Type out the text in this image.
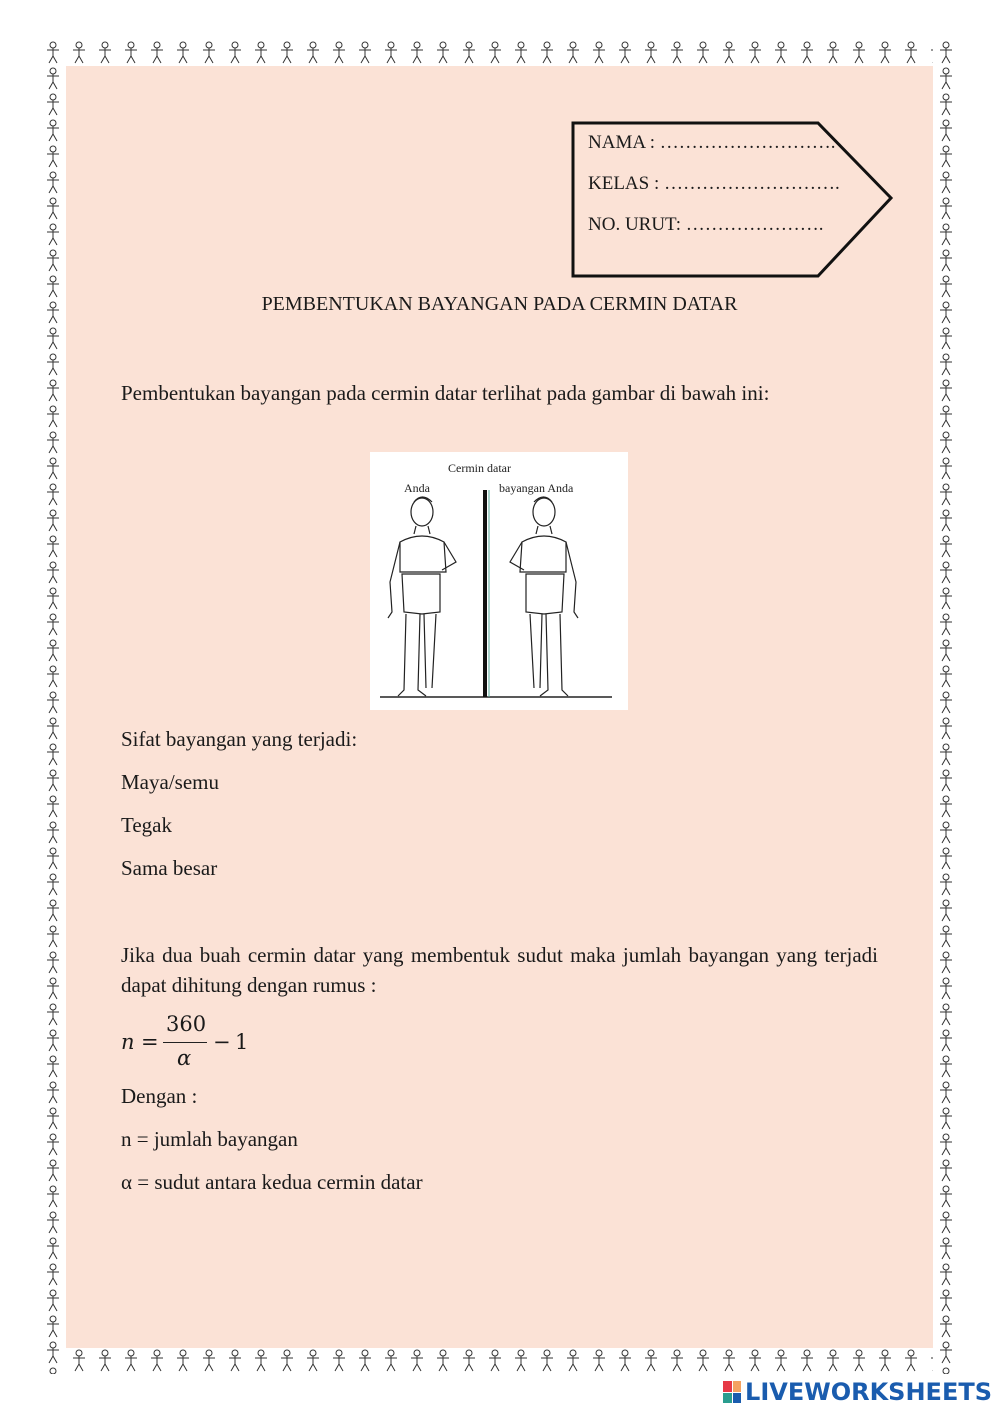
NAMA : ……………………….
KELAS : ……………………….
NO. URUT: ………………….
PEMBENTUKAN BAYANGAN PADA CERMIN DATAR
Pembentukan bayangan pada cermin datar terlihat pada gambar di bawah ini:
Cermin datar
Anda	bayangan Anda
Sifat bayangan yang terjadi:
Maya/semu
Tegak
Sama besar
Jika dua buah cermin datar yang membentuk sudut maka jumlah bayangan yang terjadi dapat dihitung dengan rumus :
n =
360
α
− 1
Dengan :
n = jumlah bayangan
α = sudut antara kedua cermin datar
LIVEWORKSHEETS
